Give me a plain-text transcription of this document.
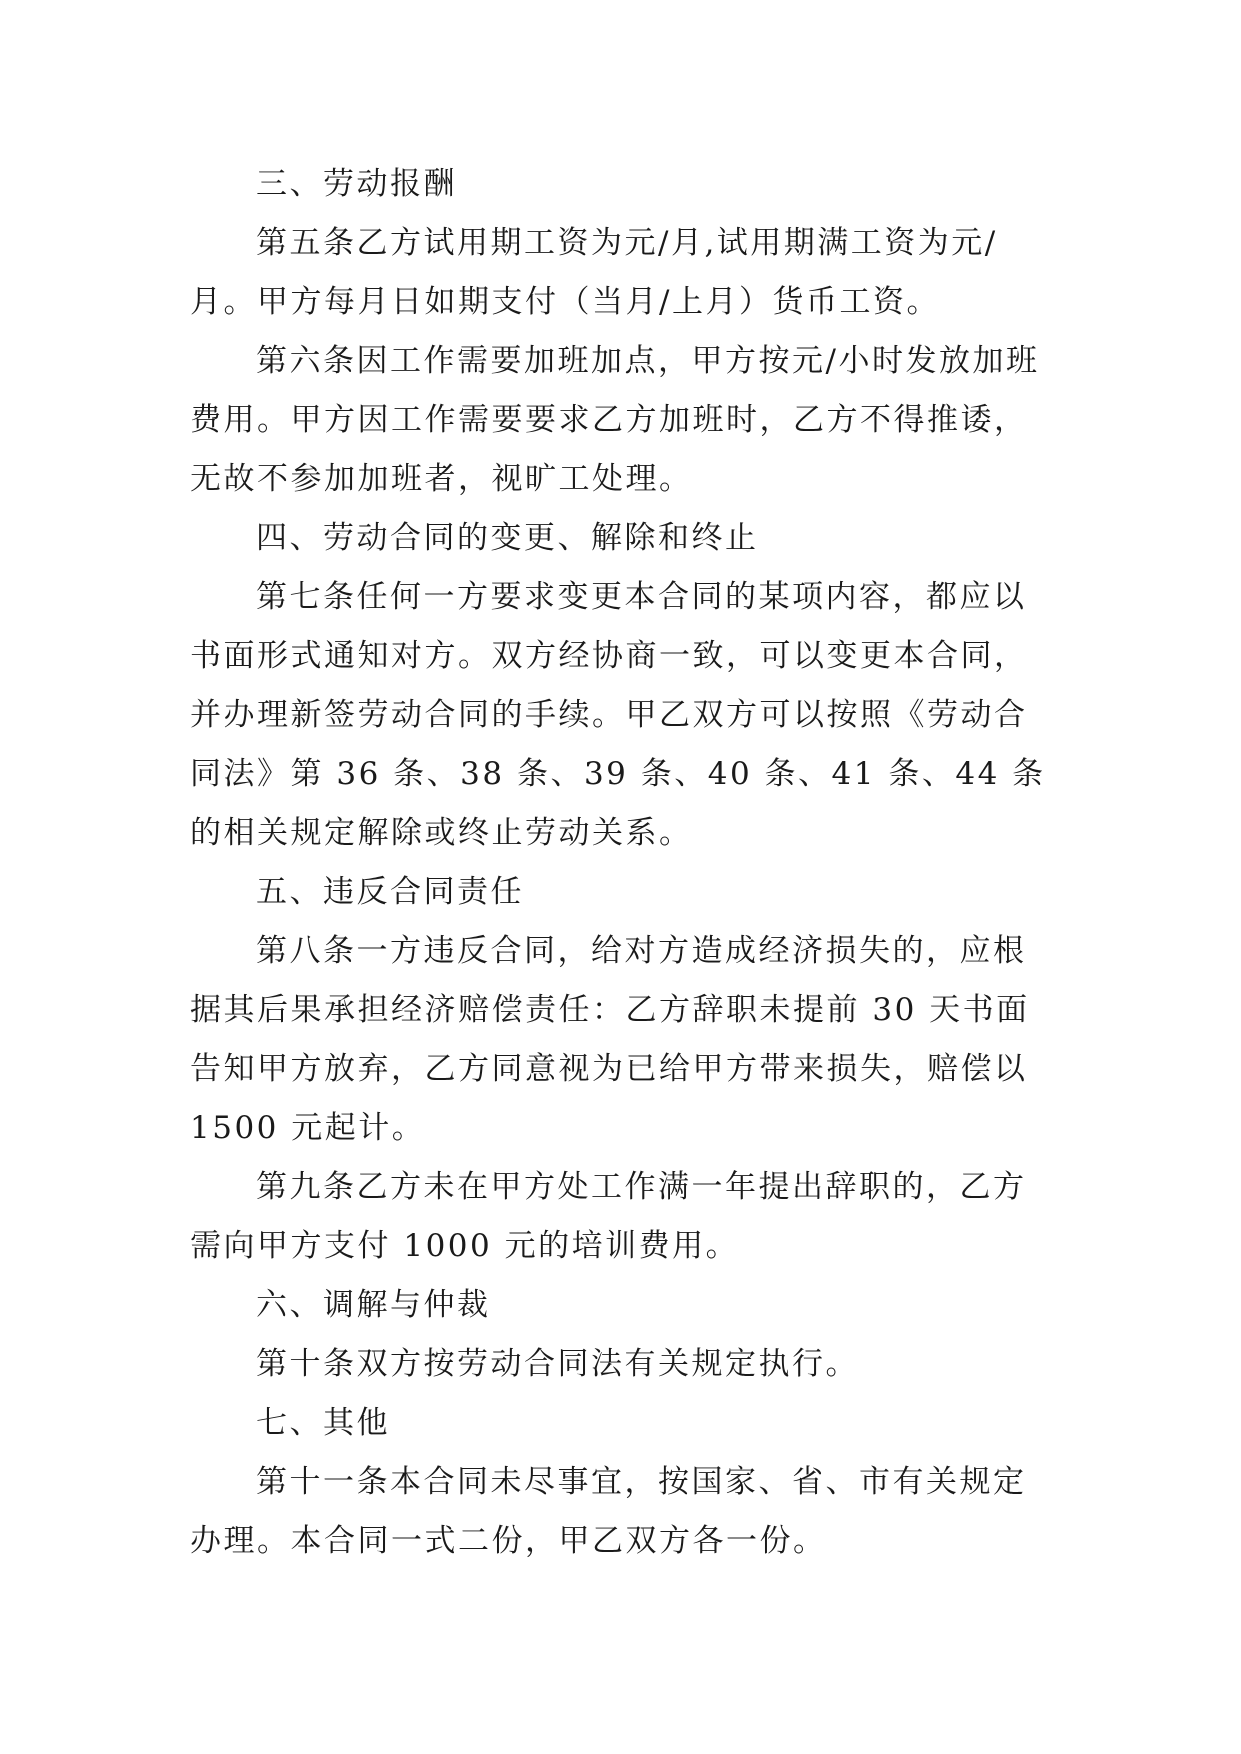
三、劳动报酬

第五条乙方试用期工资为元/月,试用期满工资为元/月。甲方每月日如期支付（当月/上月）货币工资。

第六条因工作需要加班加点，甲方按元/小时发放加班费用。甲方因工作需要要求乙方加班时，乙方不得推诿，无故不参加加班者，视旷工处理。

四、劳动合同的变更、解除和终止

第七条任何一方要求变更本合同的某项内容，都应以书面形式通知对方。双方经协商一致，可以变更本合同，并办理新签劳动合同的手续。甲乙双方可以按照《劳动合同法》第 36 条、38 条、39 条、40 条、41 条、44 条的相关规定解除或终止劳动关系。

五、违反合同责任

第八条一方违反合同，给对方造成经济损失的，应根据其后果承担经济赔偿责任：乙方辞职未提前 30 天书面告知甲方放弃，乙方同意视为已给甲方带来损失，赔偿以 1500 元起计。

第九条乙方未在甲方处工作满一年提出辞职的，乙方需向甲方支付 1000 元的培训费用。

六、调解与仲裁

第十条双方按劳动合同法有关规定执行。

七、其他

第十一条本合同未尽事宜，按国家、省、市有关规定办理。本合同一式二份，甲乙双方各一份。
